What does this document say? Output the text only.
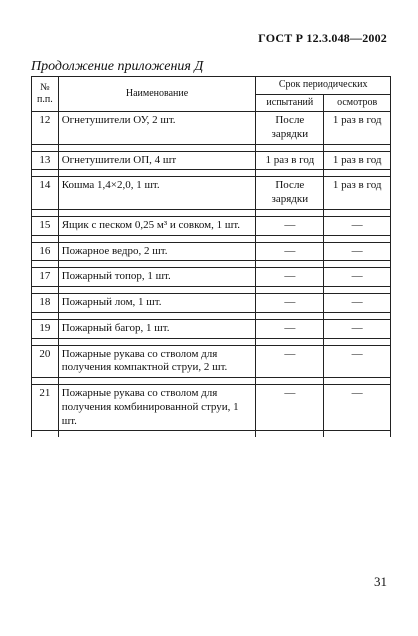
ГОСТ Р 12.3.048—2002
Продолжение приложения Д
№
п.п.	Наименование	Срок периодических	
		испытаний	осмотров
12	Огнетушители ОУ, 2 шт.	После зарядки	1 раз в год

13	Огнетушители ОП, 4 шт	1 раз в год	1 раз в год

14	Кошма 1,4×2,0, 1 шт.	После зарядки	1 раз в год

15	Ящик с песком 0,25 м³ и совком, 1 шт.	—	—

16	Пожарное ведро, 2 шт.	—	—

17	Пожарный топор, 1 шт.	—	—

18	Пожарный лом, 1 шт.	—	—

19	Пожарный багор, 1 шт.	—	—

20	Пожарные рукава со стволом для получения компактной струи, 2 шт.	—	—

21	Пожарные рукава со стволом для получения комбинированной струи, 1 шт.	—	—

31
